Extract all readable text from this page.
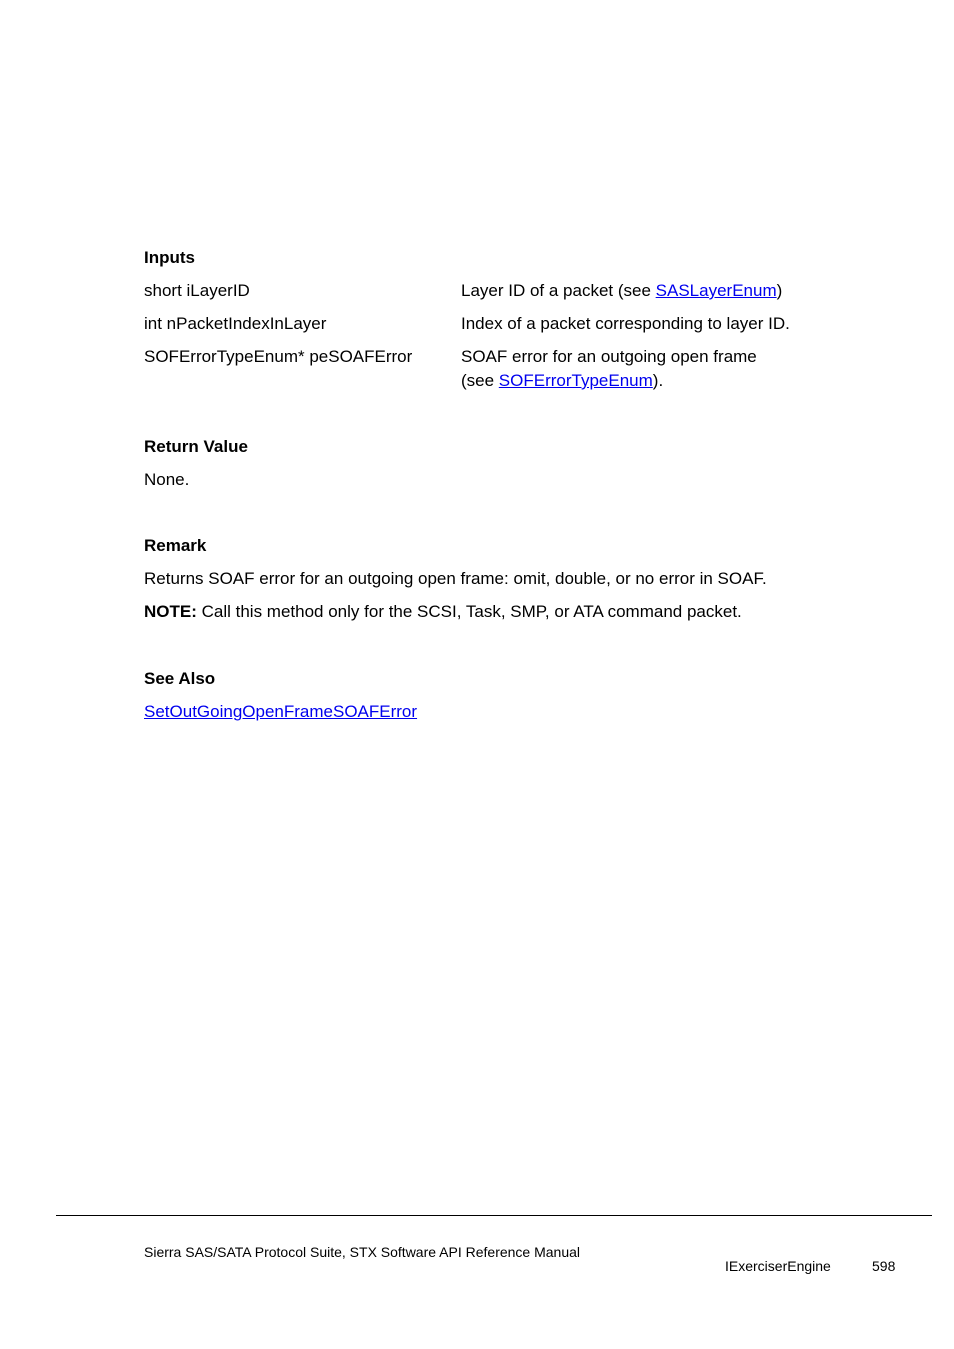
Inputs
short iLayerID	Layer ID of a packet (see SASLayerEnum)
int nPacketIndexInLayer	Index of a packet corresponding to layer ID.
SOFErrorTypeEnum* peSOAFError	SOAF error for an outgoing open frame
(see SOFErrorTypeEnum).
Return Value
None.
Remark
Returns SOAF error for an outgoing open frame: omit, double, or no error in SOAF.
NOTE: Call this method only for the SCSI, Task, SMP, or ATA command packet.
See Also
SetOutGoingOpenFrameSOAFError
Sierra SAS/SATA Protocol Suite, STX Software API Reference Manual
IExerciserEngine	598
